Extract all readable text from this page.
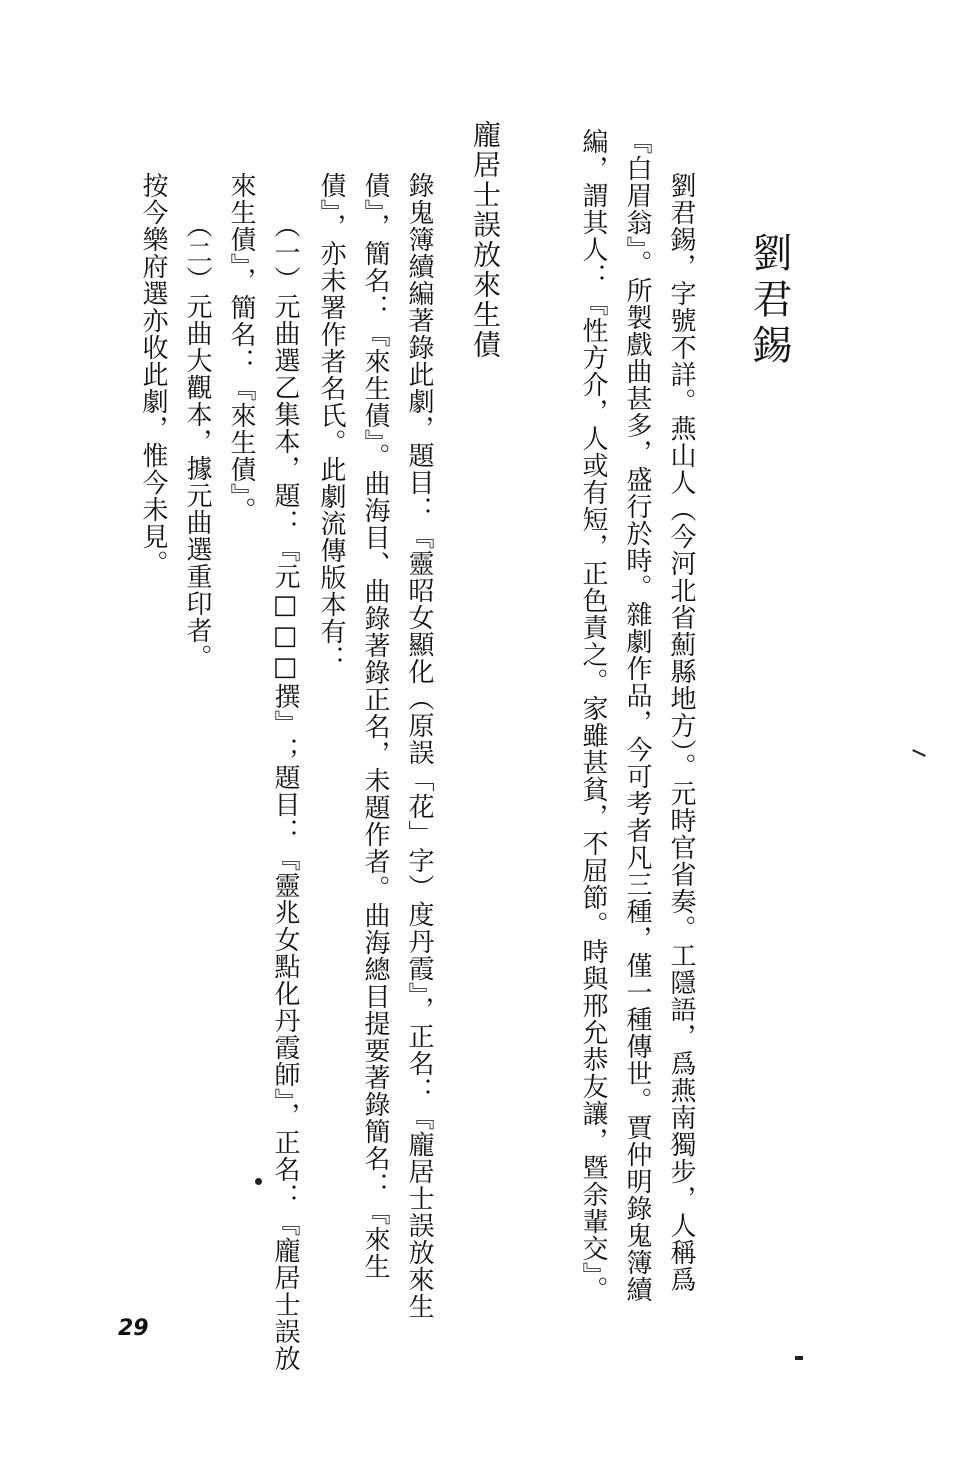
劉君錫
劉君錫，字號不詳。燕山人（今河北省薊縣地方）。元時官省奏。工隱語，爲燕南獨步，人稱爲
『白眉翁』。所製戲曲甚多，盛行於時。雜劇作品，今可考者凡三種，僅一種傳世。賈仲明錄鬼簿續
編，謂其人：『性方介，人或有短，正色責之。家雖甚貧，不屈節。時與邢允恭友讓，暨余輩交』。
龐居士誤放來生債
錄鬼簿續編著錄此劇，題目：『靈昭女顯化（原誤「花」字）度丹霞』，正名：『龐居士誤放來生
債』，簡名：『來生債』。曲海目、曲錄著錄正名，未題作者。曲海總目提要著錄簡名：『來生
債』，亦未署作者名氏。此劇流傳版本有：
（一）元曲選乙集本，題：『元□□□撰』；題目：『靈兆女點化丹霞師』，正名：『龐居士誤放
來生債』，簡名：『來生債』。
（二）元曲大觀本，據元曲選重印者。
按今樂府選亦收此劇，惟今未見。
29
